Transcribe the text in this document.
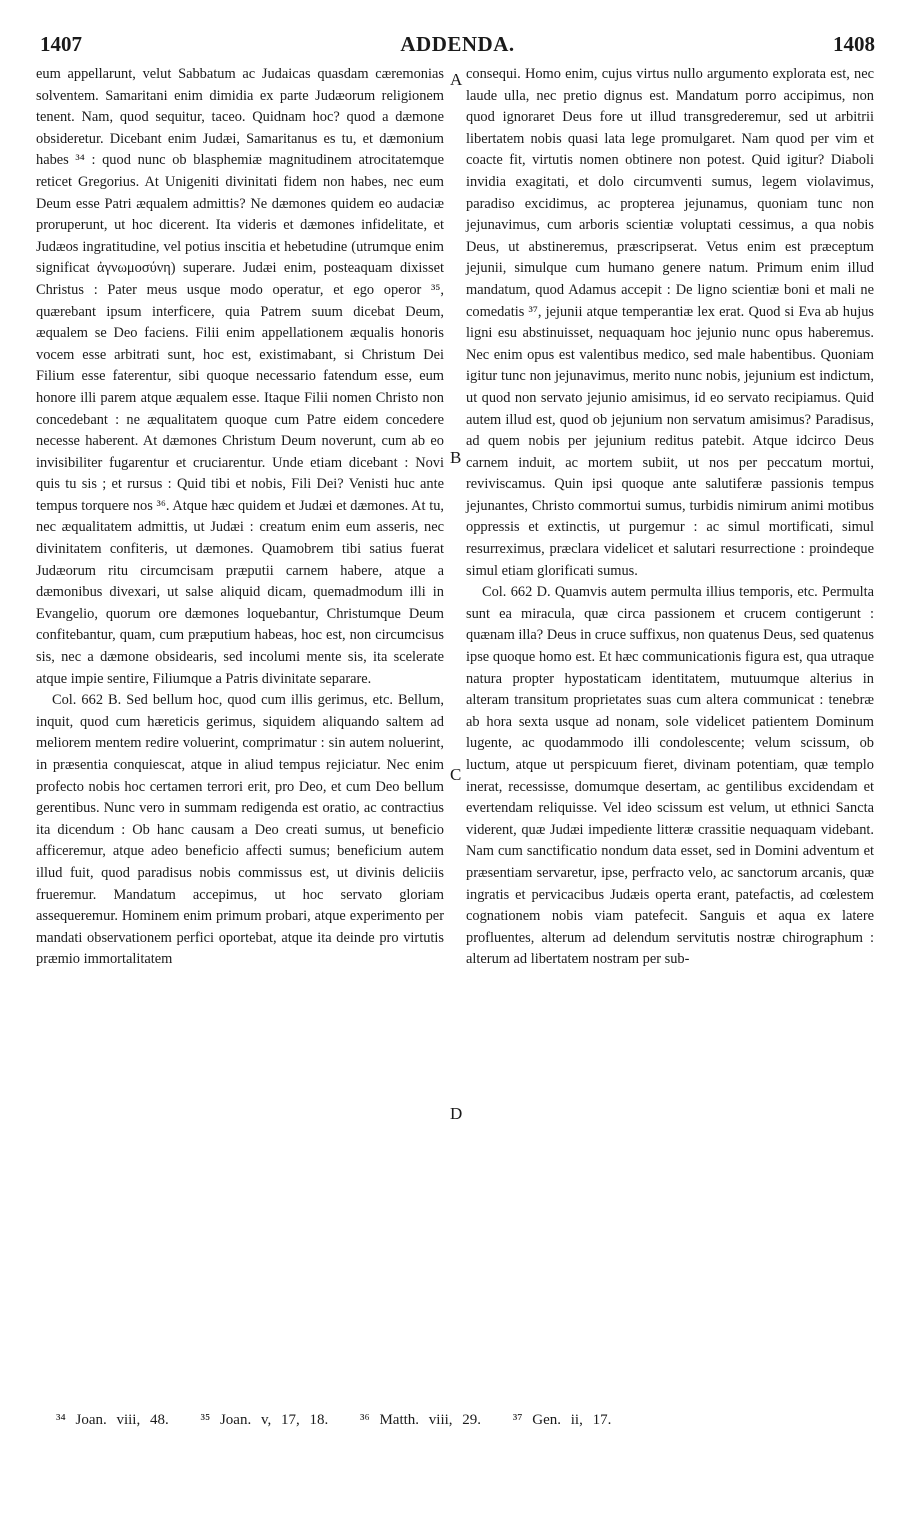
1407	ADDENDA.	1408

eum appellarunt, velut Sabbatum ac Judaicas quasdam cæremonias solventem. Samaritani enim dimidia ex parte Judæorum religionem tenent. Nam, quod sequitur, taceo. Quidnam hoc? quod a dæmone obsideretur. Dicebant enim Judæi, Samaritanus es tu, et dæmonium habes ³⁴ : quod nunc ob blasphemiæ magnitudinem atrocitatemque reticet Gregorius. At Unigeniti divinitati fidem non habes, nec eum Deum esse Patri æqualem admittis? Ne dæmones quidem eo audaciæ proruperunt, ut hoc dicerent. Ita videris et dæmones infidelitate, et Judæos ingratitudine, vel potius inscitia et hebetudine (utrumque enim significat ἀγνωμοσύνη) superare. Judæi enim, posteaquam dixisset Christus : Pater meus usque modo operatur, et ego operor ³⁵, quærebant ipsum interficere, quia Patrem suum dicebat Deum, æqualem se Deo faciens. Filii enim appellationem æqualis honoris vocem esse arbitrati sunt, hoc est, existimabant, si Christum Dei Filium esse faterentur, sibi quoque necessario fatendum esse, eum honore illi parem atque æqualem esse. Itaque Filii nomen Christo non concedebant : ne æqualitatem quoque cum Patre eidem concedere necesse haberent. At dæmones Christum Deum noverunt, cum ab eo invisibiliter fugarentur et cruciarentur. Unde etiam dicebant : Novi quis tu sis ; et rursus : Quid tibi et nobis, Fili Dei? Venisti huc ante tempus torquere nos ³⁶. Atque hæc quidem et Judæi et dæmones. At tu, nec æqualitatem admittis, ut Judæi : creatum enim eum asseris, nec divinitatem confiteris, ut dæmones. Quamobrem tibi satius fuerat Judæorum ritu circumcisam præputii carnem habere, atque a dæmonibus divexari, ut salse aliquid dicam, quemadmodum illi in Evangelio, quorum ore dæmones loquebantur, Christumque Deum confitebantur, quam, cum præputium habeas, hoc est, non circumcisus sis, nec a dæmone obsidearis, sed incolumi mente sis, ita scelerate atque impie sentire, Filiumque a Patris divinitate separare.

Col. 662 B. Sed bellum hoc, quod cum illis gerimus, etc. Bellum, inquit, quod cum hæreticis gerimus, siquidem aliquando saltem ad meliorem mentem redire voluerint, comprimatur : sin autem noluerint, in præsentia conquiescat, atque in aliud tempus rejiciatur. Nec enim profecto nobis hoc certamen terrori erit, pro Deo, et cum Deo bellum gerentibus. Nunc vero in summam redigenda est oratio, ac contractius ita dicendum : Ob hanc causam a Deo creati sumus, ut beneficio afficeremur, atque adeo beneficio affecti sumus; beneficium autem illud fuit, quod paradisus nobis commissus est, ut divinis deliciis frueremur. Mandatum accepimus, ut hoc servato gloriam assequeremur. Hominem enim primum probari, atque experimento per mandati observationem perfici oportebat, atque ita deinde pro virtutis præmio immortalitatem

consequi. Homo enim, cujus virtus nullo argumento explorata est, nec laude ulla, nec pretio dignus est. Mandatum porro accipimus, non quod ignoraret Deus fore ut illud transgrederemur, sed ut arbitrii libertatem nobis quasi lata lege promulgaret. Nam quod per vim et coacte fit, virtutis nomen obtinere non potest. Quid igitur? Diaboli invidia exagitati, et dolo circumventi sumus, legem violavimus, paradiso excidimus, ac propterea jejunamus, quoniam tunc non jejunavimus, cum arboris scientiæ voluptati cessimus, a qua nobis Deus, ut abstineremus, præscripserat. Vetus enim est præceptum jejunii, simulque cum humano genere natum. Primum enim illud mandatum, quod Adamus accepit : De ligno scientiæ boni et mali ne comedatis ³⁷, jejunii atque temperantiæ lex erat. Quod si Eva ab hujus ligni esu abstinuisset, nequaquam hoc jejunio nunc opus haberemus. Nec enim opus est valentibus medico, sed male habentibus. Quoniam igitur tunc non jejunavimus, merito nunc nobis, jejunium est indictum, ut quod non servato jejunio amisimus, id eo servato recipiamus. Quid autem illud est, quod ob jejunium non servatum amisimus? Paradisus, ad quem nobis per jejunium reditus patebit. Atque idcirco Deus carnem induit, ac mortem subiit, ut nos per peccatum mortui, reviviscamus. Quin ipsi quoque ante salutiferæ passionis tempus jejunantes, Christo commortui sumus, turbidis nimirum animi motibus oppressis et extinctis, ut purgemur : ac simul mortificati, simul resurreximus, præclara videlicet et salutari resurrectione : proindeque simul etiam glorificati sumus.

Col. 662 D. Quamvis autem permulta illius temporis, etc. Permulta sunt ea miracula, quæ circa passionem et crucem contigerunt : quænam illa? Deus in cruce suffixus, non quatenus Deus, sed quatenus ipse quoque homo est. Et hæc communicationis figura est, qua utraque natura propter hypostaticam identitatem, mutuumque alterius in alteram transitum proprietates suas cum altera communicat : tenebræ ab hora sexta usque ad nonam, sole videlicet patientem Dominum lugente, ac quodammodo illi condolescente; velum scissum, ob luctum, atque ut perspicuum fieret, divinam potentiam, quæ templo inerat, recessisse, domumque desertam, ac gentilibus excidendam et evertendam reliquisse. Vel ideo scissum est velum, ut ethnici Sancta viderent, quæ Judæi impediente litteræ crassitie nequaquam videbant. Nam cum sanctificatio nondum data esset, sed in Domini adventum et præsentiam servaretur, ipse, perfracto velo, ac sanctorum arcanis, quæ ingratis et pervicacibus Judæis operta erant, patefactis, ad cœlestem cognationem nobis viam patefecit. Sanguis et aqua ex latere profluentes, alterum ad delendum servitutis nostræ chirographum : alterum ad libertatem nostram per sub-

A
B
C
D
³⁴ Joan. viii, 48. ³⁵ Joan. v, 17, 18. ³⁶ Matth. viii, 29. ³⁷ Gen. ii, 17.
